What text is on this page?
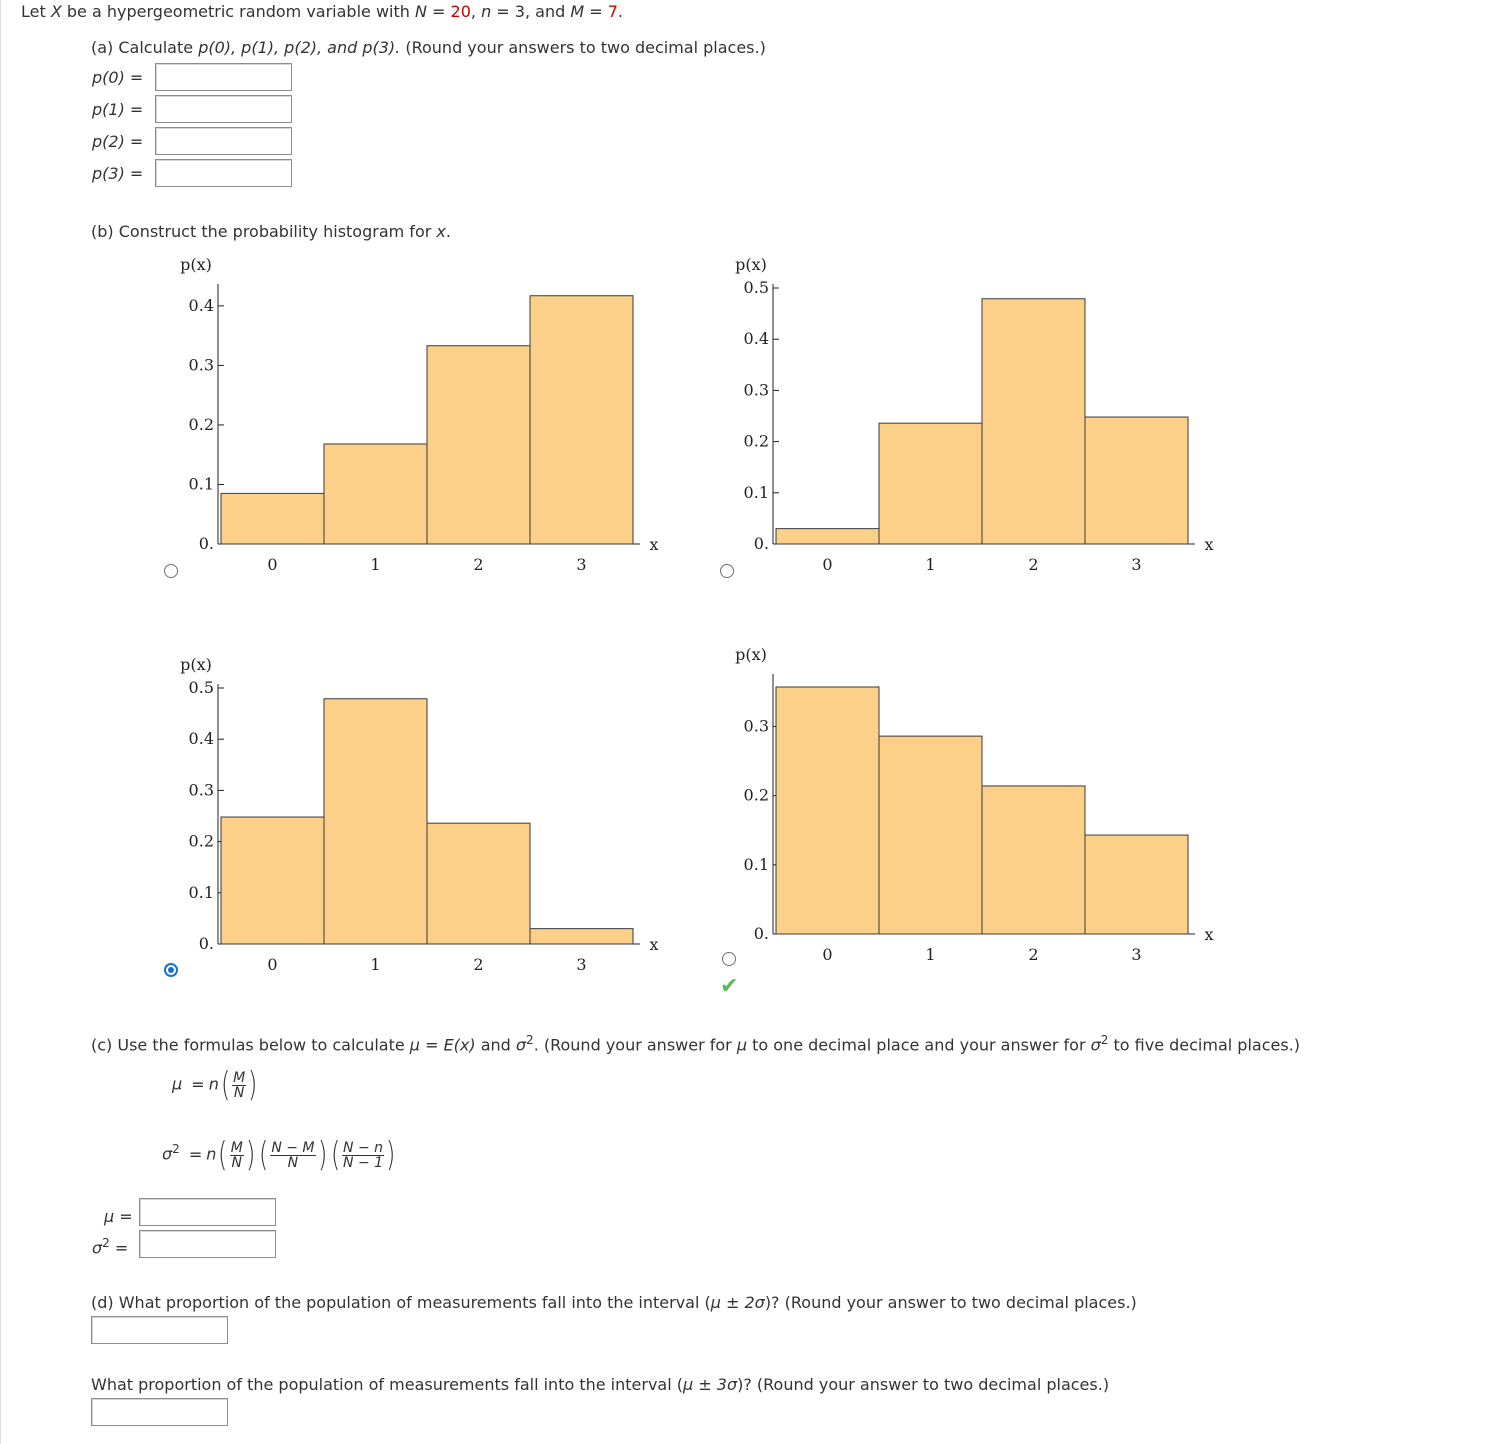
Let X be a hypergeometric random variable with N = 20, n = 3, and M = 7.
(a) Calculate p(0), p(1), p(2), and p(3). (Round your answers to two decimal places.)
p(0) =
p(1) =
p(2) =
p(3) =
(b) Construct the probability histogram for x.
p(x)
x
0.
0.1
0.2
0.3
0.4
0	1	2	3
p(x)
x
0.
0.1
0.2
0.3
0.4
0.5
0	1	2	3
p(x)
x
0.
0.1
0.2
0.3
0.4
0.5
0	1	2	3
p(x)
x
0.
0.1
0.2
0.3
0	1	2	3
✔
(c) Use the formulas below to calculate μ = E(x) and $\sigma^2$. (Round your answer for μ to one decimal place and your answer for $\sigma^2$ to five decimal places.)
$\mu = n( \frac{M}{N}$ )
$\sigma^2 = n( \frac{M}{N}$ ) ( $\frac{N - M}{N}$ ) ( $\frac{N - n}{N - 1}$ )
μ =
$\sigma^2$ =
(d) What proportion of the population of measurements fall into the interval (μ ± 2σ)? (Round your answer to two decimal places.)
What proportion of the population of measurements fall into the interval (μ ± 3σ)? (Round your answer to two decimal places.)
